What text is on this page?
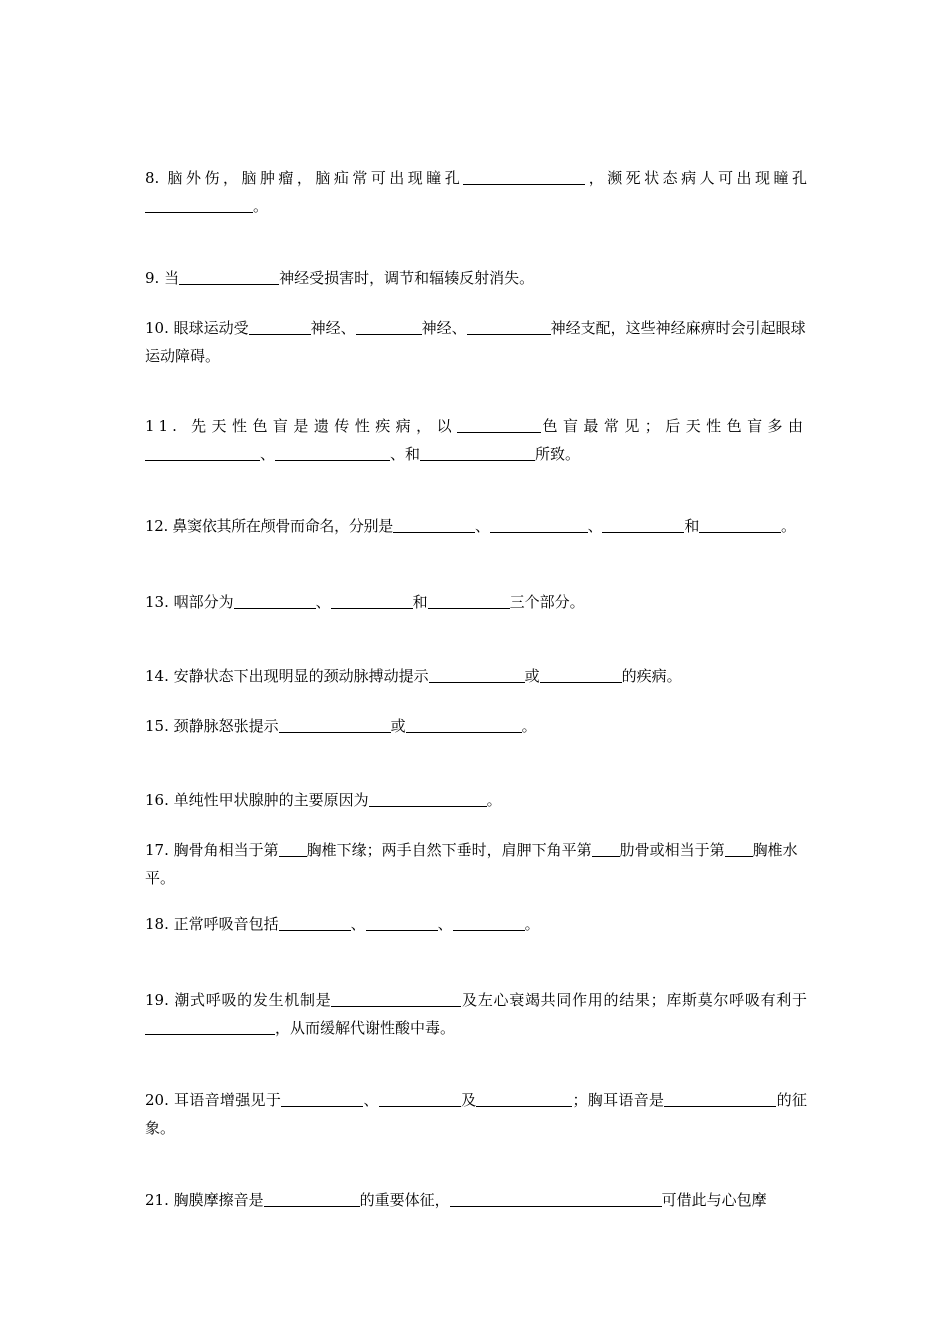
8. 脑外伤，脑肿瘤，脑疝常可出现瞳孔	，濒死状态病人可出现瞳孔。

9. 当	神经受损害时，调节和辐辏反射消失。

10. 眼球运动受	神经、	神经、	神经支配，这些神经麻痹时会引起眼球运动障碍。

11. 先天性色盲是遗传性疾病，以	色盲最常见；后天性色盲多由、	、和	所致。

12. 鼻窦依其所在颅骨而命名，分别是	、	、	和	。

13. 咽部分为	、	和	三个部分。

14. 安静状态下出现明显的颈动脉搏动提示	或	的疾病。

15. 颈静脉怒张提示	或	。

16. 单纯性甲状腺肿的主要原因为	。

17. 胸骨角相当于第 胸椎下缘；两手自然下垂时，肩胛下角平第 肋骨或相当于第 胸椎水平。

18. 正常呼吸音包括	、	、	。

19. 潮式呼吸的发生机制是	及左心衰竭共同作用的结果；库斯莫尔呼吸有利于，从而缓解代谢性酸中毒。

20. 耳语音增强见于	、	及	；胸耳语音是	的征象。

21. 胸膜摩擦音是	的重要体征，	可借此与心包摩
